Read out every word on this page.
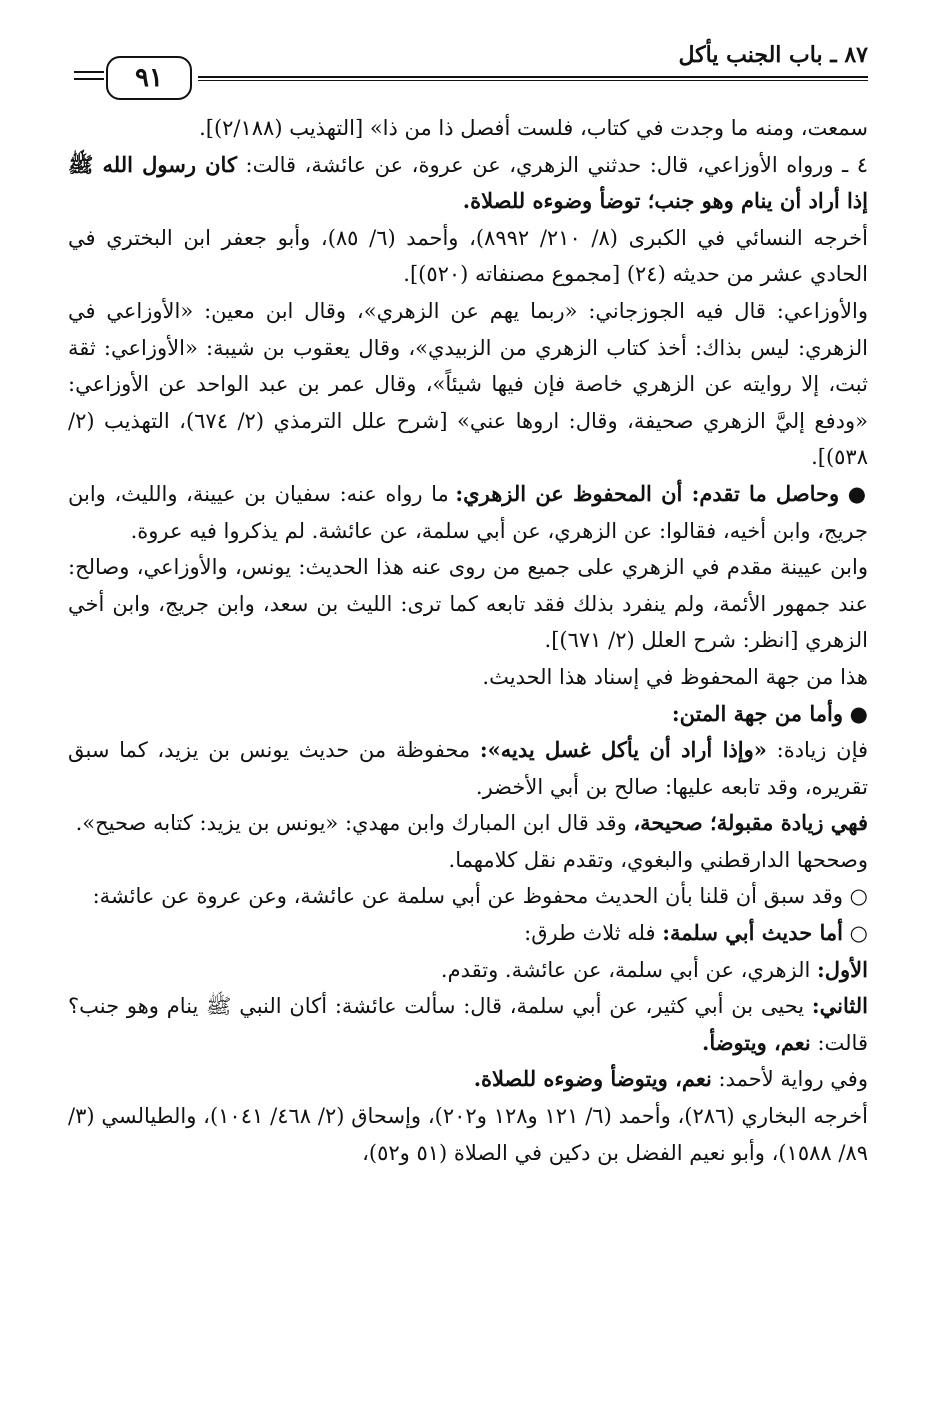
٨٧ ـ باب الجنب يأكل
٩١

سمعت، ومنه ما وجدت في كتاب، فلست أفصل ذا من ذا» [التهذيب (٢/١٨٨)].

٤ ـ ورواه الأوزاعي، قال: حدثني الزهري، عن عروة، عن عائشة، قالت: كان رسول الله ﷺ إذا أراد أن ينام وهو جنب؛ توضأ وضوءه للصلاة.

أخرجه النسائي في الكبرى (٨/ ٢١٠/ ٨٩٩٢)، وأحمد (٦/ ٨٥)، وأبو جعفر ابن البختري في الحادي عشر من حديثه (٢٤) [مجموع مصنفاته (٥٢٠)].

والأوزاعي: قال فيه الجوزجاني: «ربما يهم عن الزهري»، وقال ابن معين: «الأوزاعي في الزهري: ليس بذاك: أخذ كتاب الزهري من الزبيدي»، وقال يعقوب بن شيبة: «الأوزاعي: ثقة ثبت، إلا روايته عن الزهري خاصة فإن فيها شيئاً»، وقال عمر بن عبد الواحد عن الأوزاعي: «ودفع إليَّ الزهري صحيفة، وقال: اروها عني» [شرح علل الترمذي (٢/ ٦٧٤)، التهذيب (٢/ ٥٣٨)].

● وحاصل ما تقدم: أن المحفوظ عن الزهري: ما رواه عنه: سفيان بن عيينة، والليث، وابن جريج، وابن أخيه، فقالوا: عن الزهري، عن أبي سلمة، عن عائشة. لم يذكروا فيه عروة.

وابن عيينة مقدم في الزهري على جميع من روى عنه هذا الحديث: يونس، والأوزاعي، وصالح: عند جمهور الأئمة، ولم ينفرد بذلك فقد تابعه كما ترى: الليث بن سعد، وابن جريج، وابن أخي الزهري [انظر: شرح العلل (٢/ ٦٧١)].

هذا من جهة المحفوظ في إسناد هذا الحديث.

● وأما من جهة المتن:

فإن زيادة: «وإذا أراد أن يأكل غسل يديه»: محفوظة من حديث يونس بن يزيد، كما سبق تقريره، وقد تابعه عليها: صالح بن أبي الأخضر.

فهي زيادة مقبولة؛ صحيحة، وقد قال ابن المبارك وابن مهدي: «يونس بن يزيد: كتابه صحيح».

وصححها الدارقطني والبغوي، وتقدم نقل كلامهما.

○ وقد سبق أن قلنا بأن الحديث محفوظ عن أبي سلمة عن عائشة، وعن عروة عن عائشة:

○ أما حديث أبي سلمة: فله ثلاث طرق:

الأول: الزهري، عن أبي سلمة، عن عائشة. وتقدم.

الثاني: يحيى بن أبي كثير، عن أبي سلمة، قال: سألت عائشة: أكان النبي ﷺ ينام وهو جنب؟ قالت: نعم، ويتوضأ.

وفي رواية لأحمد: نعم، ويتوضأ وضوءه للصلاة.

أخرجه البخاري (٢٨٦)، وأحمد (٦/ ١٢١ و١٢٨ و٢٠٢)، وإسحاق (٢/ ٤٦٨/ ١٠٤١)، والطيالسي (٣/ ٨٩/ ١٥٨٨)، وأبو نعيم الفضل بن دكين في الصلاة (٥١ و٥٢)،
